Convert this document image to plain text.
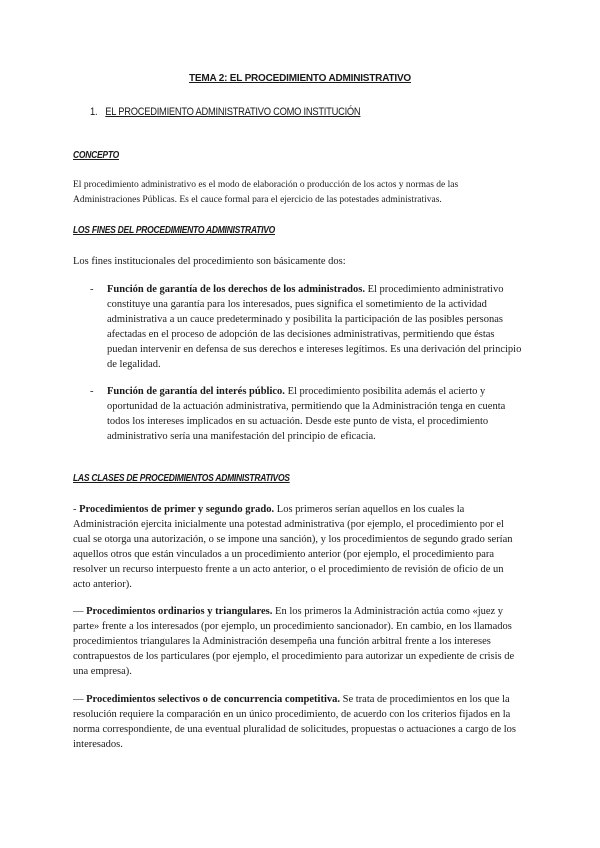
TEMA 2: EL PROCEDIMIENTO ADMINISTRATIVO
1. EL PROCEDIMIENTO ADMINISTRATIVO COMO INSTITUCIÓN
CONCEPTO
El procedimiento administrativo es el modo de elaboración o producción de los actos y normas de las Administraciones Públicas. Es el cauce formal para el ejercicio de las potestades administrativas.
LOS FINES DEL PROCEDIMIENTO ADMINISTRATIVO
Los fines institucionales del procedimiento son básicamente dos:
- Función de garantía de los derechos de los administrados. El procedimiento administrativo constituye una garantía para los interesados, pues significa el sometimiento de la actividad administrativa a un cauce predeterminado y posibilita la participación de las posibles personas afectadas en el proceso de adopción de las decisiones administrativas, permitiendo que éstas puedan intervenir en defensa de sus derechos e intereses legítimos. Es una derivación del principio de legalidad.
- Función de garantía del interés público. El procedimiento posibilita además el acierto y oportunidad de la actuación administrativa, permitiendo que la Administración tenga en cuenta todos los intereses implicados en su actuación. Desde este punto de vista, el procedimiento administrativo sería una manifestación del principio de eficacia.
LAS CLASES DE PROCEDIMIENTOS ADMINISTRATIVOS
- Procedimientos de primer y segundo grado. Los primeros serían aquellos en los cuales la Administración ejercita inicialmente una potestad administrativa (por ejemplo, el procedimiento por el cual se otorga una autorización, o se impone una sanción), y los procedimientos de segundo grado serían aquellos otros que están vinculados a un procedimiento anterior (por ejemplo, el procedimiento para resolver un recurso interpuesto frente a un acto anterior, o el procedimiento de revisión de oficio de un acto anterior).
— Procedimientos ordinarios y triangulares. En los primeros la Administración actúa como «juez y parte» frente a los interesados (por ejemplo, un procedimiento sancionador). En cambio, en los llamados procedimientos triangulares la Administración desempeña una función arbitral frente a los intereses contrapuestos de los particulares (por ejemplo, el procedimiento para autorizar un expediente de crisis de una empresa).
— Procedimientos selectivos o de concurrencia competitiva. Se trata de procedimientos en los que la resolución requiere la comparación en un único procedimiento, de acuerdo con los criterios fijados en la norma correspondiente, de una eventual pluralidad de solicitudes, propuestas o actuaciones a cargo de los interesados.
